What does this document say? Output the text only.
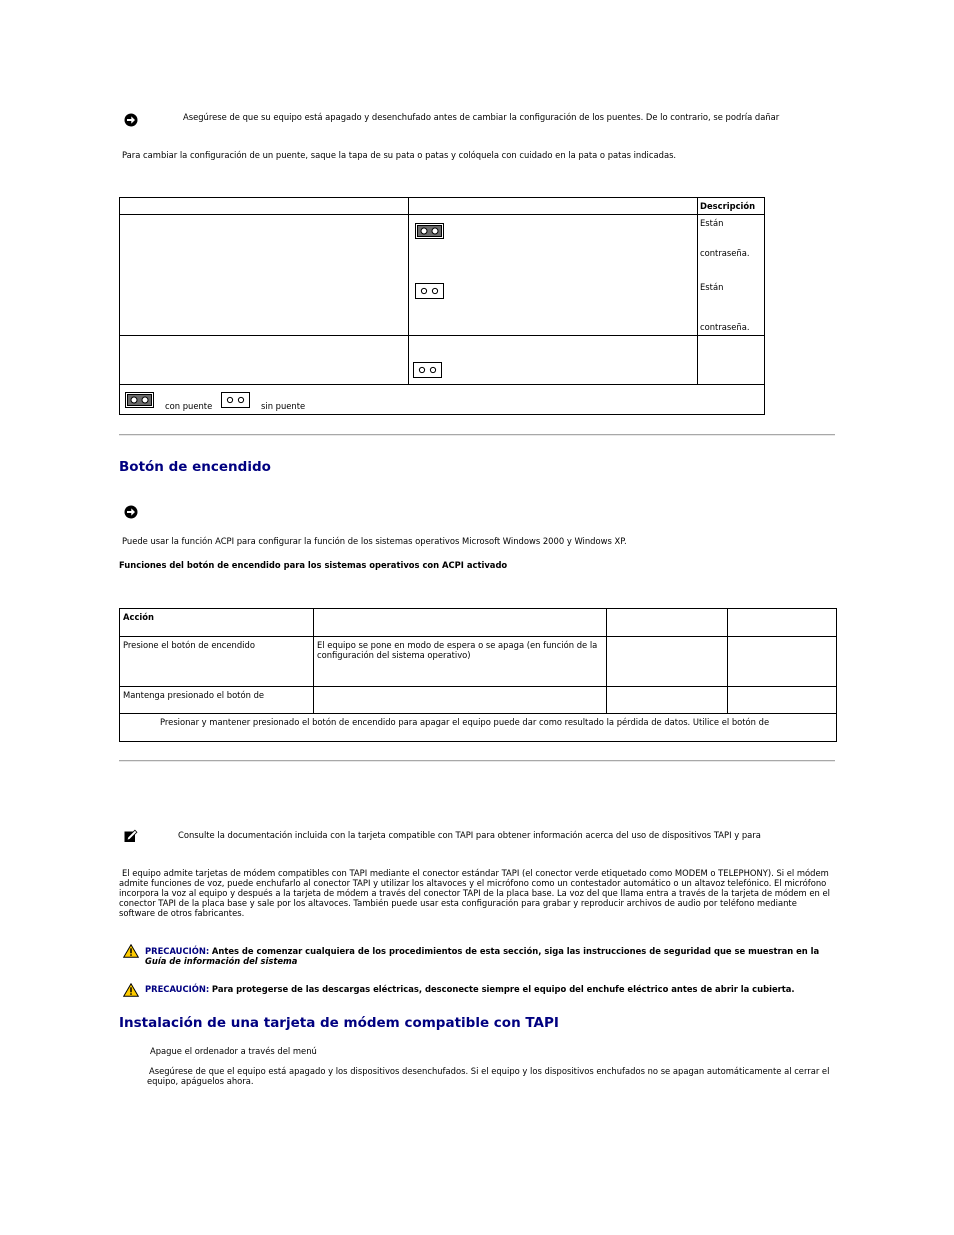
Asegúrese de que su equipo está apagado y desenchufado antes de cambiar la configuración de los puentes. De lo contrario, se podría dañar
Para cambiar la configuración de un puente, saque la tapa de su pata o patas y colóquela con cuidado en la pata o patas indicadas.

		Descripción

Están
contraseña.
Están
contraseña.

con puente sin puente		
Botón de encendido
Puede usar la función ACPI para configurar la función de los sistemas operativos Microsoft Windows 2000 y Windows XP.
Funciones del botón de encendido para los sistemas operativos con ACPI activado
Acción			

Presione el botón de encendido	El equipo se pone en modo de espera o se apaga (en función de la configuración del sistema operativo)		

Mantenga presionado el botón de			

Presionar y mantener presionado el botón de encendido para apagar el equipo puede dar como resultado la pérdida de datos. Utilice el botón de			
Consulte la documentación incluida con la tarjeta compatible con TAPI para obtener información acerca del uso de dispositivos TAPI y para
El equipo admite tarjetas de módem compatibles con TAPI mediante el conector estándar TAPI (el conector verde etiquetado como MODEM o TELEPHONY). Si el módem admite funciones de voz, puede enchufarlo al conector TAPI y utilizar los altavoces y el micrófono como un contestador automático o un altavoz telefónico. El micrófono incorpora la voz al equipo y después a la tarjeta de módem a través del conector TAPI de la placa base. La voz del que llama entra a través de la tarjeta de módem en el conector TAPI de la placa base y sale por los altavoces. También puede usar esta configuración para grabar y reproducir archivos de audio por teléfono mediante software de otros fabricantes.
PRECAUCIÓN: Antes de comenzar cualquiera de los procedimientos de esta sección, siga las instrucciones de seguridad que se muestran en la
Guía de información del sistema
PRECAUCIÓN: Para protegerse de las descargas eléctricas, desconecte siempre el equipo del enchufe eléctrico antes de abrir la cubierta.
Instalación de una tarjeta de módem compatible con TAPI
Apague el ordenador a través del menú
Asegúrese de que el equipo está apagado y los dispositivos desenchufados. Si el equipo y los dispositivos enchufados no se apagan automáticamente al cerrar el equipo, apáguelos ahora.
